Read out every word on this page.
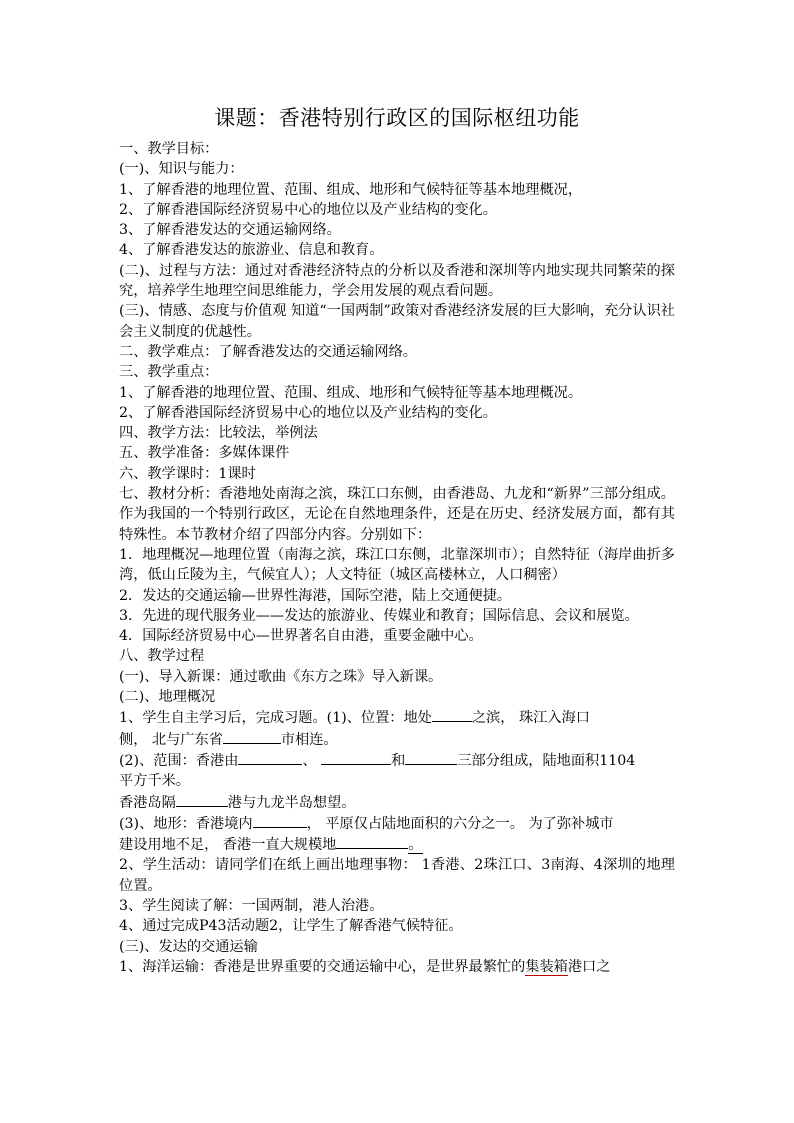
课题：香港特别行政区的国际枢纽功能
一、教学目标：
(一)、知识与能力：
1、了解香港的地理位置、范围、组成、地形和气候特征等基本地理概况，
2、了解香港国际经济贸易中心的地位以及产业结构的变化。
3、了解香港发达的交通运输网络。
4、了解香港发达的旅游业、信息和教育。
(二)、过程与方法：通过对香港经济特点的分析以及香港和深圳等内地实现共同繁荣的探究，培养学生地理空间思维能力，学会用发展的观点看问题。
(三)、情感、态度与价值观 知道“一国两制”政策对香港经济发展的巨大影响，充分认识社会主义制度的优越性。
二、教学难点：了解香港发达的交通运输网络。
三、教学重点：
1、了解香港的地理位置、范围、组成、地形和气候特征等基本地理概况。
2、了解香港国际经济贸易中心的地位以及产业结构的变化。
四、教学方法：比较法，举例法
五、教学准备：多媒体课件
六、教学课时：1课时
七、教材分析：香港地处南海之滨，珠江口东侧，由香港岛、九龙和“新界”三部分组成。作为我国的一个特别行政区，无论在自然地理条件，还是在历史、经济发展方面，都有其特殊性。本节教材介绍了四部分内容。分别如下：
1．地理概况—地理位置（南海之滨，珠江口东侧，北靠深圳市）；自然特征（海岸曲折多湾，低山丘陵为主，气候宜人）；人文特征（城区高楼林立，人口稠密）
2．发达的交通运输—世界性海港，国际空港，陆上交通便捷。
3．先进的现代服务业——发达的旅游业、传媒业和教育；国际信息、会议和展览。
4．国际经济贸易中心—世界著名自由港，重要金融中心。
八、教学过程
(一)、导入新课：通过歌曲《东方之珠》导入新课。
(二)、地理概况
1、学生自主学习后，完成习题。(1)、位置：地处	之滨， 珠江入海口
侧， 北与广东省	市相连。
(2)、范围：香港由	、	和	三部分组成，陆地面积1104
平方千米。
香港岛隔	港与九龙半岛想望。
(3)、地形：香港境内	， 平原仅占陆地面积的六分之一。 为了弥补城市
建设用地不足， 香港一直大规模地	。
2、学生活动：请同学们在纸上画出地理事物： 1香港、2珠江口、3南海、4深圳的地理位置。
3、学生阅读了解：一国两制，港人治港。
4、通过完成P43活动题2，让学生了解香港气候特征。
(三)、发达的交通运输
1、海洋运输：香港是世界重要的交通运输中心，是世界最繁忙的集装箱港口之
